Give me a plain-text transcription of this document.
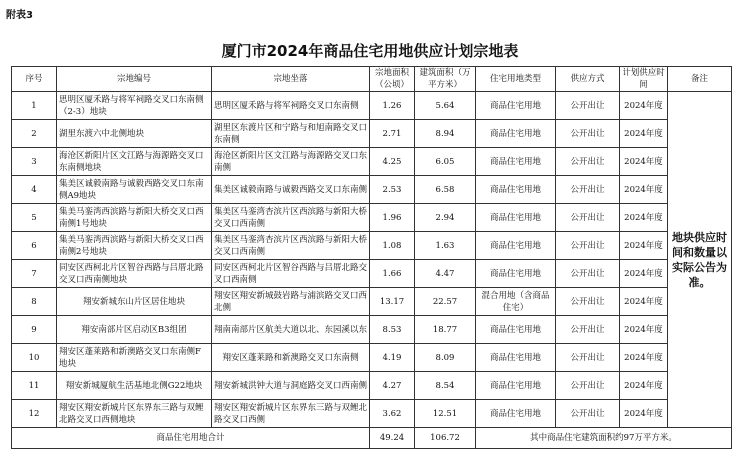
附表3
厦门市2024年商品住宅用地供应计划宗地表
序号	宗地编号	宗地坐落	宗地面积（公顷）	建筑面积（万平方米）	住宅用地类型	供应方式	计划供应时间	备注
1	思明区厦禾路与将军祠路交叉口东南侧（2-3）地块	思明区厦禾路与将军祠路交叉口东南侧	1.26	5.64	商品住宅用地	公开出让	2024年度	地块供应时间和数量以实际公告为准。
2	湖里东渡六中北侧地块	湖里区东渡片区和宁路与和旭南路交叉口东南侧	2.71	8.94	商品住宅用地	公开出让	2024年度	
3	海沧区新阳片区文江路与海源路交叉口东南侧地块	海沧区新阳片区文江路与海源路交叉口东南侧	4.25	6.05	商品住宅用地	公开出让	2024年度	
4	集美区诚毅南路与诚毅西路交叉口东南侧A9地块	集美区诚毅南路与诚毅西路交叉口东南侧	2.53	6.58	商品住宅用地	公开出让	2024年度	
5	集美马銮湾西滨路与新阳大桥交叉口西南侧1号地块	集美区马銮湾杏滨片区西滨路与新阳大桥交叉口西南侧	1.96	2.94	商品住宅用地	公开出让	2024年度	
6	集美马銮湾西滨路与新阳大桥交叉口西南侧2号地块	集美区马銮湾杏滨片区西滨路与新阳大桥交叉口西南侧	1.08	1.63	商品住宅用地	公开出让	2024年度	
7	同安区西柯北片区智谷西路与吕厝北路交叉口西南侧地块	同安区西柯北片区智谷西路与吕厝北路交叉口西南侧	1.66	4.47	商品住宅用地	公开出让	2024年度	
8	翔安新城东山片区居住地块	翔安区翔安新城鼓岩路与浦滨路交叉口西北侧	13.17	22.57	混合用地（含商品住宅）	公开出让	2024年度	
9	翔安南部片区启动区B3组团	翔南南部片区航美大道以北、东园溪以东	8.53	18.77	商品住宅用地	公开出让	2024年度	
10	翔安区蓬莱路和新澳路交叉口东南侧F地块	翔安区蓬莱路和新澳路交叉口东南侧	4.19	8.09	商品住宅用地	公开出让	2024年度	
11	翔安新城厦航生活基地北侧G22地块	翔安新城洪钟大道与洞庭路交叉口西南侧	4.27	8.54	商品住宅用地	公开出让	2024年度	
12	翔安区翔安新城片区东界东三路与双鲤北路交叉口西侧地块	翔安区翔安新城片区东界东三路与双鲤北路交叉口西侧	3.62	12.51	商品住宅用地	公开出让	2024年度	
商品住宅用地合计			49.24	106.72	其中商品住宅建筑面积约97万平方米。			
